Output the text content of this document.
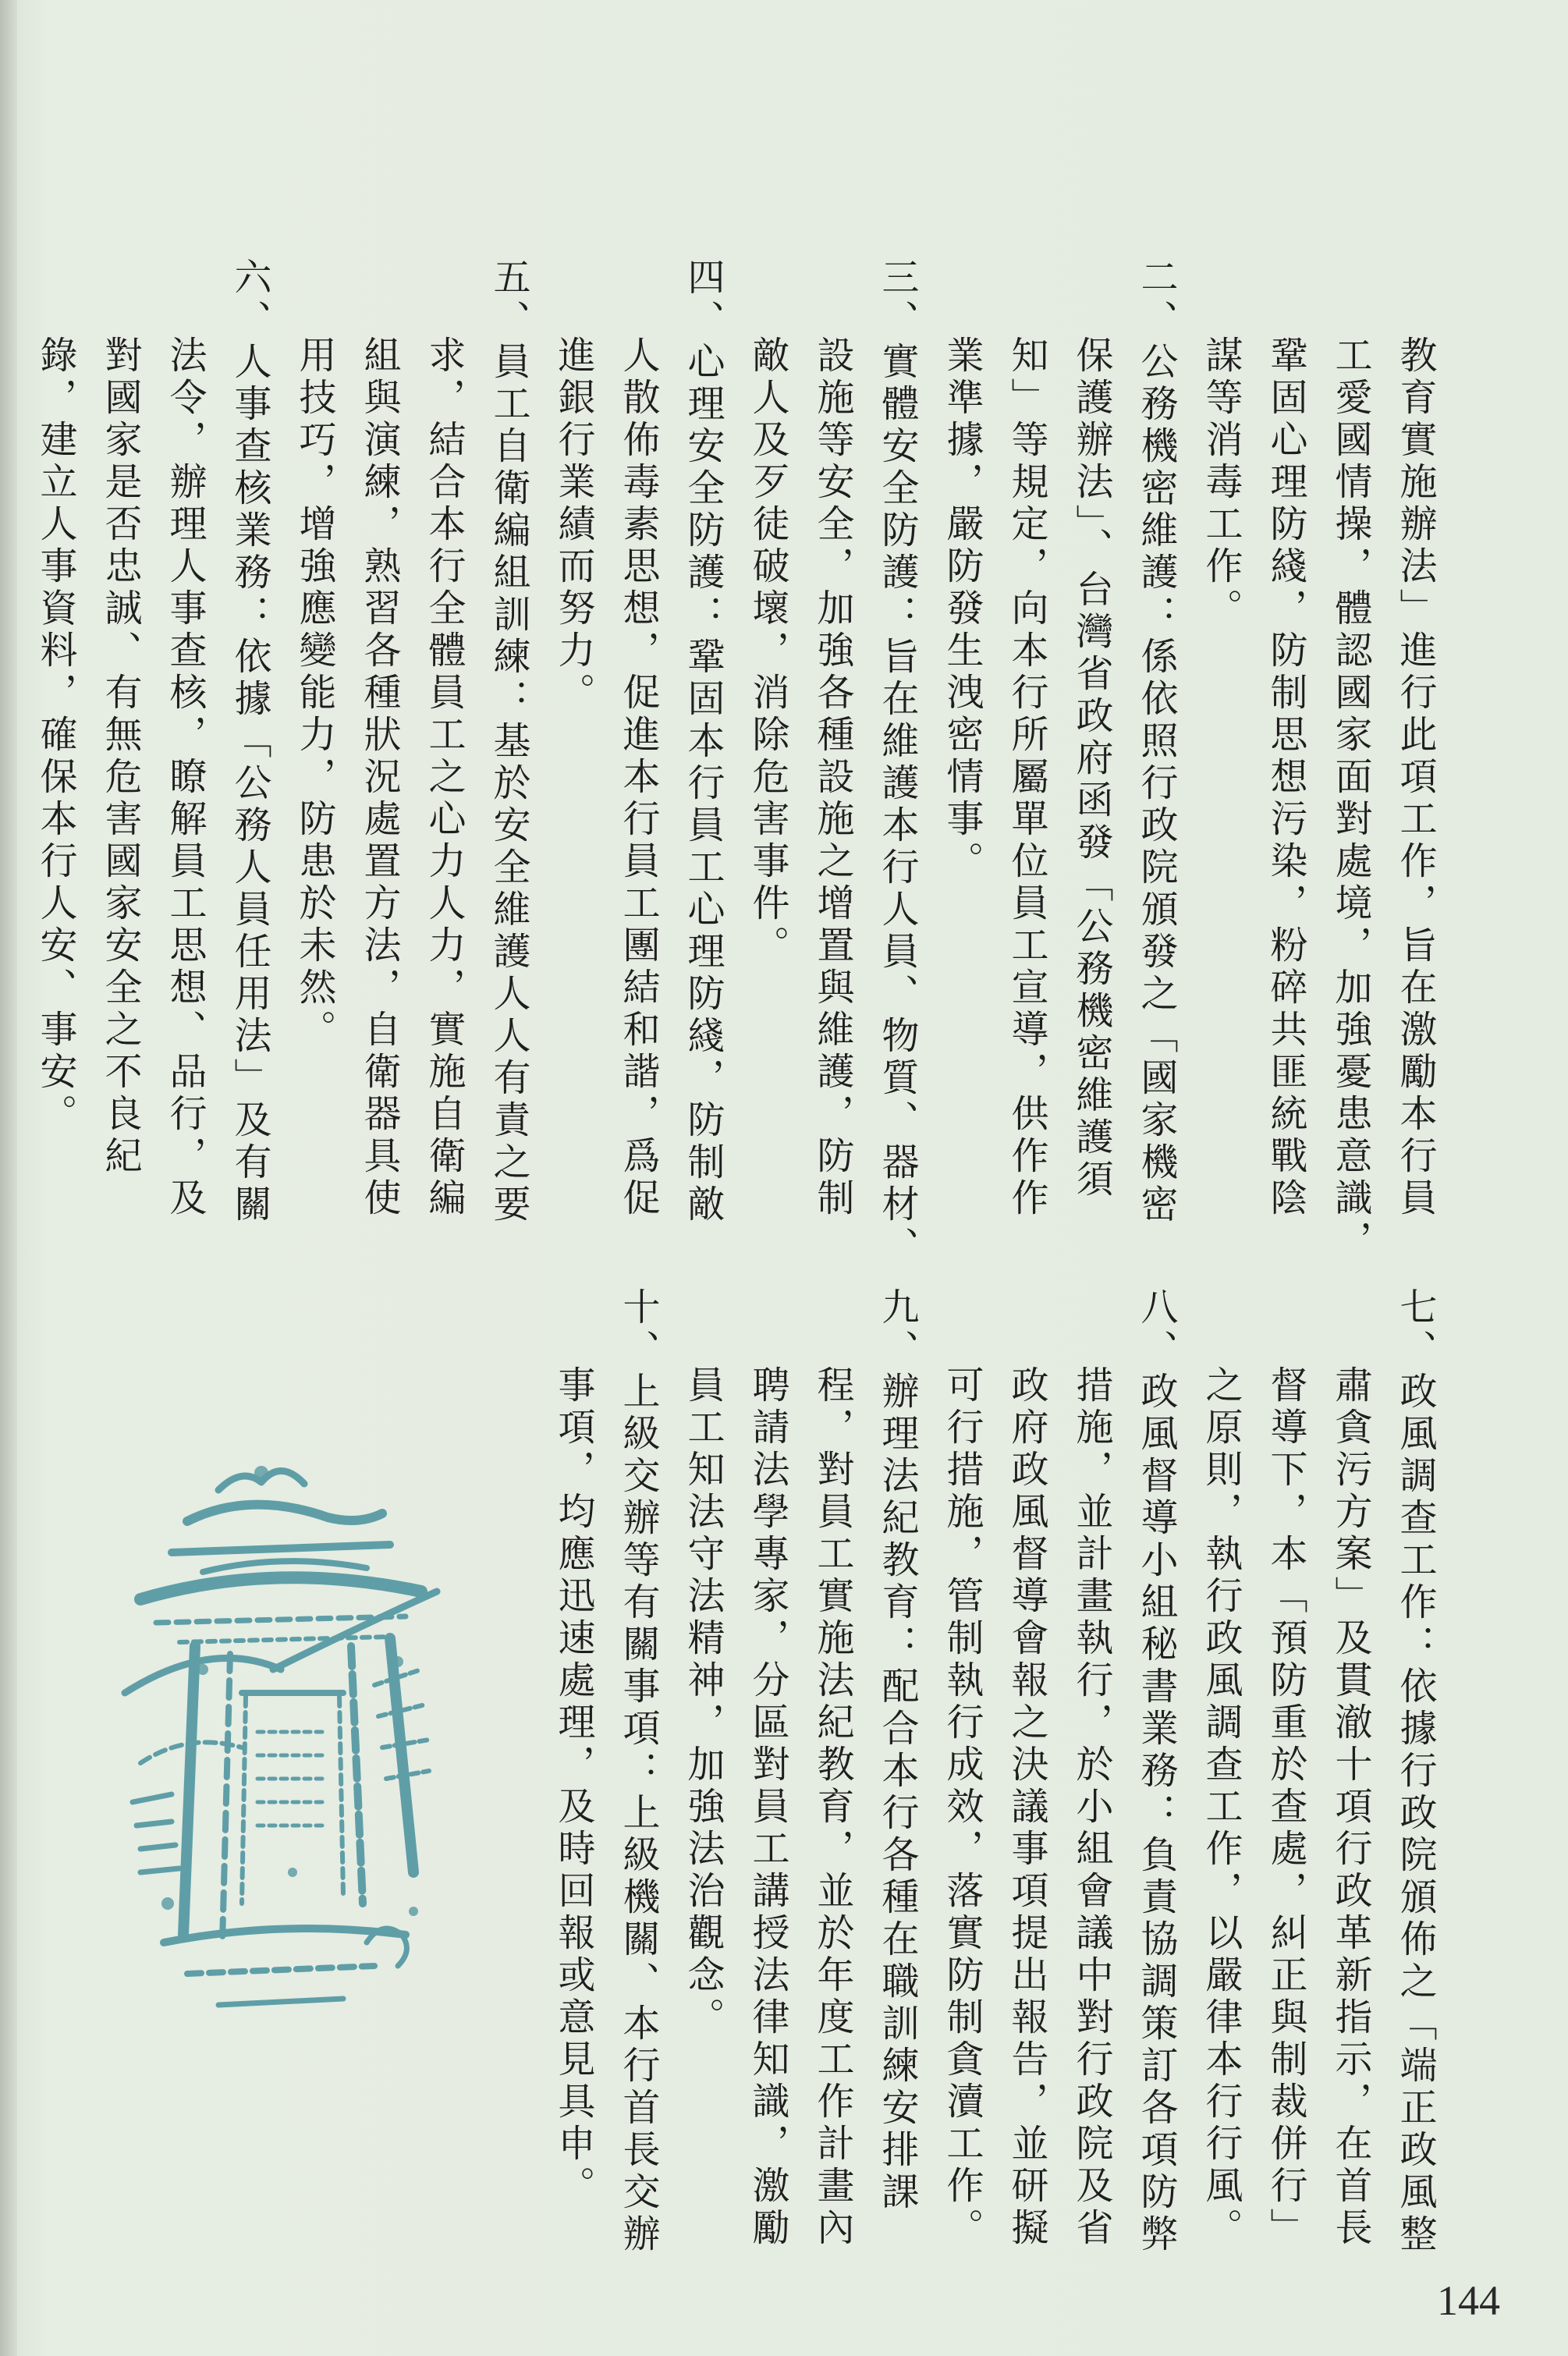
教育實施辦法」進行此項工作，旨在激勵本行員
工愛國情操，體認國家面對處境，加強憂患意識，
鞏固心理防綫，防制思想污染，粉碎共匪統戰陰
謀等消毒工作。
二、公務機密維護：係依照行政院頒發之「國家機密
保護辦法」、台灣省政府函發「公務機密維護須
知」等規定，向本行所屬單位員工宣導，供作作
業準據，嚴防發生洩密情事。
三、實體安全防護：旨在維護本行人員、物質、器材、
設施等安全，加強各種設施之增置與維護，防制
敵人及歹徒破壞，消除危害事件。
四、心理安全防護：鞏固本行員工心理防綫，防制敵
人散佈毒素思想，促進本行員工團結和諧，爲促
進銀行業績而努力。
五、員工自衛編組訓練：基於安全維護人人有責之要
求，結合本行全體員工之心力人力，實施自衛編
組與演練，熟習各種狀況處置方法，自衛器具使
用技巧，增強應變能力，防患於未然。
六、人事查核業務：依據「公務人員任用法」及有關
法令，辦理人事查核，瞭解員工思想、品行，及
對國家是否忠誠、有無危害國家安全之不良紀
錄，建立人事資料，確保本行人安、事安。
七、政風調查工作：依據行政院頒佈之「端正政風整
肅貪污方案」及貫澈十項行政革新指示，在首長
督導下，本「預防重於查處，糾正與制裁併行」
之原則，執行政風調查工作，以嚴律本行行風。
八、政風督導小組秘書業務：負責協調策訂各項防弊
措施，並計畫執行，於小組會議中對行政院及省
政府政風督導會報之決議事項提出報告，並研擬
可行措施，管制執行成效，落實防制貪瀆工作。
九、辦理法紀教育：配合本行各種在職訓練安排課
程，對員工實施法紀教育，並於年度工作計畫內
聘請法學專家，分區對員工講授法律知識，激勵
員工知法守法精神，加強法治觀念。
十、上級交辦等有關事項：上級機關、本行首長交辦
事項，均應迅速處理，及時回報或意見具申。
144
